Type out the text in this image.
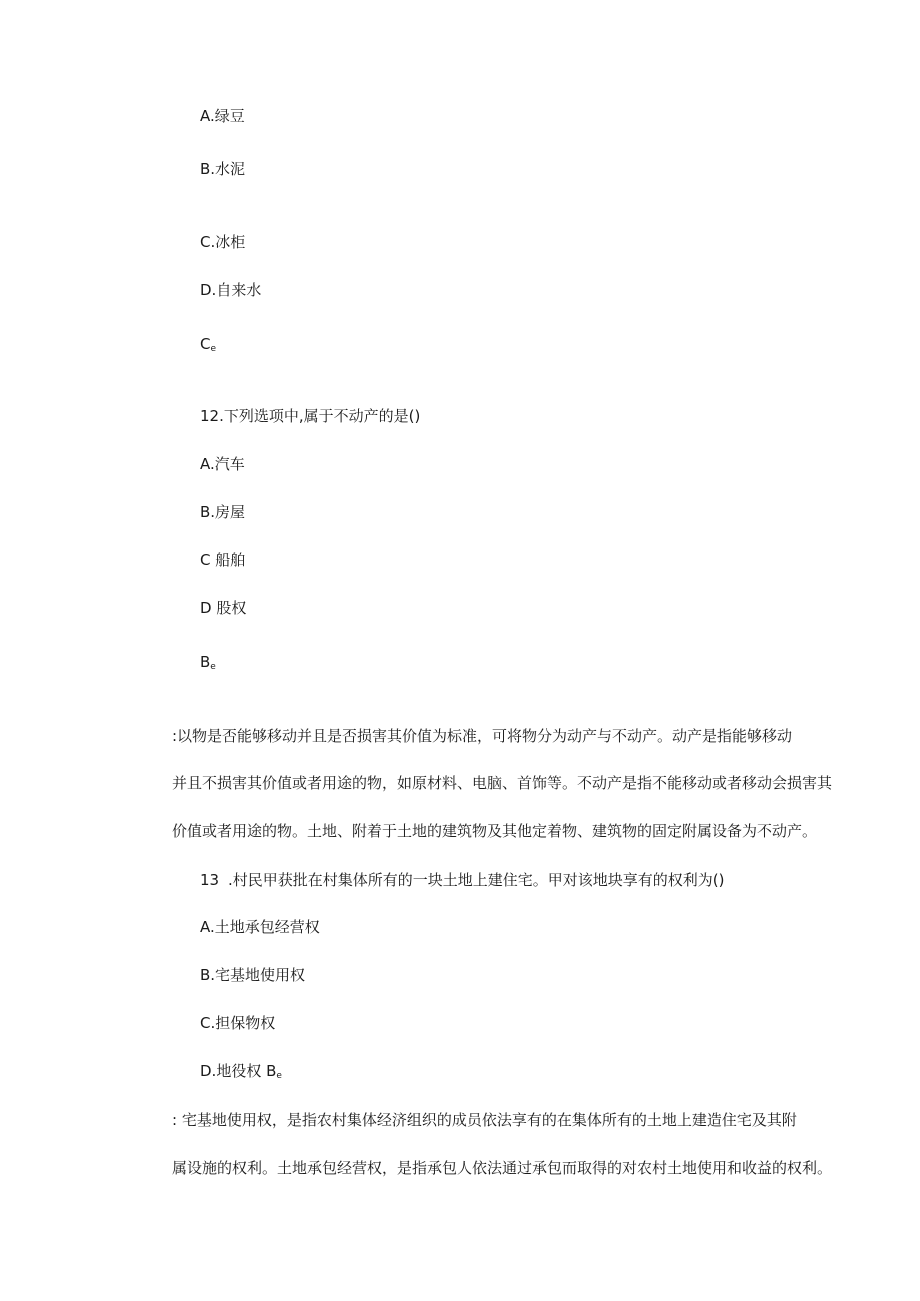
A.绿豆
B.水泥
C.冰柜
D.自来水
Ce
12.下列选项中,属于不动产的是()
A.汽车
B.房屋
C 船舶
D 股权
Be
:以物是否能够移动并且是否损害其价值为标准，可将物分为动产与不动产。动产是指能够移动
并且不损害其价值或者用途的物，如原材料、电脑、首饰等。不动产是指不能移动或者移动会损害其
价值或者用途的物。土地、附着于土地的建筑物及其他定着物、建筑物的固定附属设备为不动产。
13 .村民甲获批在村集体所有的一块土地上建住宅。甲对该地块享有的权利为()
A.土地承包经营权
B.宅基地使用权
C.担保物权
D.地役权 Be
: 宅基地使用权，是指农村集体经济组织的成员依法享有的在集体所有的土地上建造住宅及其附
属设施的权利。土地承包经营权，是指承包人依法通过承包而取得的对农村土地使用和收益的权利。
